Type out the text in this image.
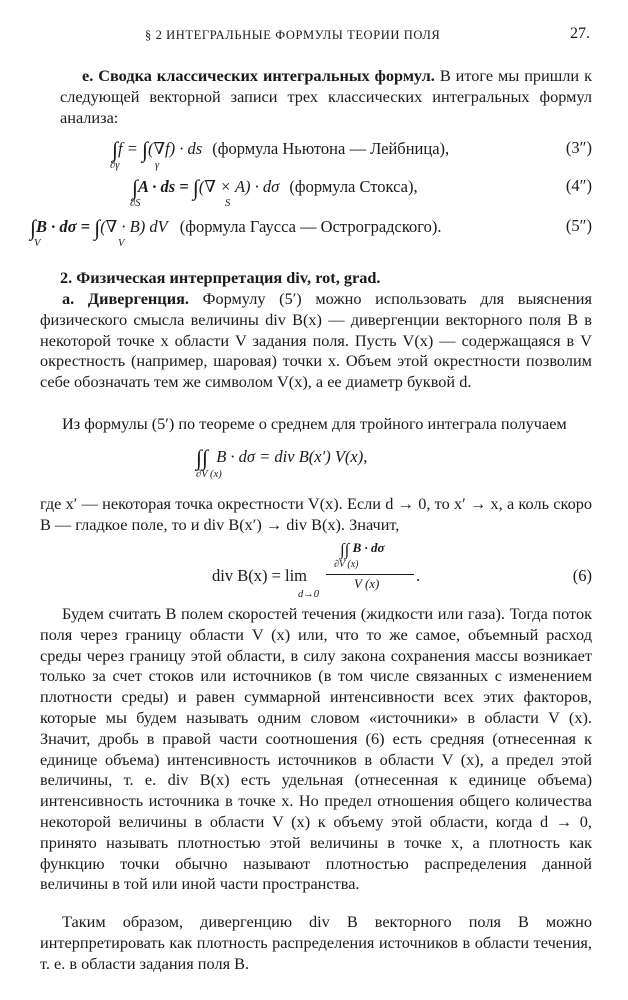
§ 2 ИНТЕГРАЛЬНЫЕ ФОРМУЛЫ ТЕОРИИ ПОЛЯ	27.
е. Сводка классических интегральных формул. В итоге мы пришли к следующей векторной записи трех классических интегральных формул анализа:
∫f = ∫(∇f) · ds (формула Ньютона — Лейбница),
∂γ	γ
(3″)
∫A · ds = ∫(∇ × A) · dσ (формула Стокса),
∂S	S
(4″)
∫B · dσ = ∫(∇ · B) dV (формула Гаусса — Остроградского).
V	V
(5″)
2. Физическая интерпретация div, rot, grad.
а. Дивергенция. Формулу (5′) можно использовать для выяснения физического смысла величины div B(x) — дивергенции векторного поля B в некоторой точке x области V задания поля. Пусть V(x) — содержащаяся в V окрестность (например, шаровая) точки x. Объем этой окрестности позволим себе обозначать тем же символом V(x), а ее диаметр буквой d.
Из формулы (5′) по теореме о среднем для тройного интеграла получаем
∫∫ B · dσ = div B(x′) V(x),
∂V (x)
где x′ — некоторая точка окрестности V(x). Если d → 0, то x′ → x, а коль скоро B — гладкое поле, то и div B(x′) → div B(x). Значит,
div B(x) = lim
d→0
∫∫ B · dσ
∂V (x)
V (x) .	(6)
Будем считать B полем скоростей течения (жидкости или газа). Тогда поток поля через границу области V (x) или, что то же самое, объемный расход среды через границу этой области, в силу закона сохранения массы возникает только за счет стоков или источников (в том числе связанных с изменением плотности среды) и равен суммарной интенсивности всех этих факторов, которые мы будем называть одним словом «источники» в области V (x). Значит, дробь в правой части соотношения (6) есть средняя (отнесенная к единице объема) интенсивность источников в области V (x), а предел этой величины, т. е. div B(x) есть удельная (отнесенная к единице объема) интенсивность источника в точке x. Но предел отношения общего количества некоторой величины в области V (x) к объему этой области, когда d → 0, принято называть плотностью этой величины в точке x, а плотность как функцию точки обычно называют плотностью распределения данной величины в той или иной части пространства.
Таким образом, дивергенцию div B векторного поля B можно интерпретировать как плотность распределения источников в области течения, т. е. в области задания поля B.
